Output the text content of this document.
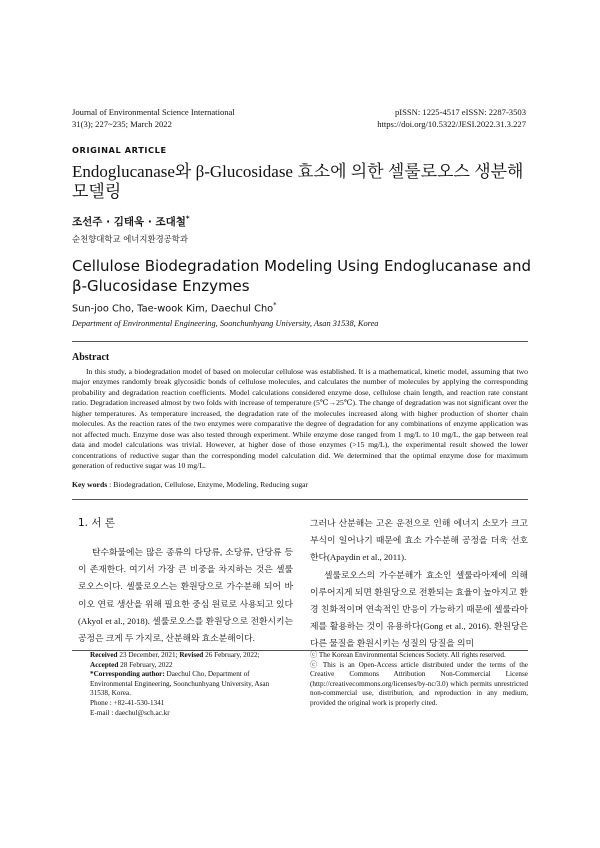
Journal of Environmental Science International
31(3); 227~235; March 2022
pISSN: 1225-4517 eISSN: 2287-3503
https://doi.org/10.5322/JESI.2022.31.3.227
ORIGINAL ARTICLE
Endoglucanase와 β-Glucosidase 효소에 의한 셀룰로오스 생분해 모델링
조선주 · 김태욱 · 조대철*
순천향대학교 에너지환경공학과
Cellulose Biodegradation Modeling Using Endoglucanase and β-Glucosidase Enzymes
Sun-joo Cho, Tae-wook Kim, Daechul Cho*
Department of Environmental Engineering, Soonchunhyang University, Asan 31538, Korea
Abstract
In this study, a biodegradation model of based on molecular cellulose was established. It is a mathematical, kinetic model, assuming that two major enzymes randomly break glycosidic bonds of cellulose molecules, and calculates the number of molecules by applying the corresponding probability and degradation reaction coefficients. Model calculations considered enzyme dose, cellulose chain length, and reaction rate constant ratio. Degradation increased almost by two folds with increase of temperature (5℃→25℃). The change of degradation was not significant over the higher temperatures. As temperature increased, the degradation rate of the molecules increased along with higher production of shorter chain molecules. As the reaction rates of the two enzymes were comparative the degree of degradation for any combinations of enzyme application was not affected much. Enzyme dose was also tested through experiment. While enzyme dose ranged from 1 mg/L to 10 mg/L, the gap between real data and model calculations was trivial. However, at higher dose of those enzymes (>15 mg/L), the experimental result showed the lower concentrations of reductive sugar than the corresponding model calculation did. We determined that the optimal enzyme dose for maximum generation of reductive sugar was 10 mg/L.
Key words : Biodegradation, Cellulose, Enzyme, Modeling, Reducing sugar
1. 서 론

탄수화물에는 많은 종류의 다당류, 소당류, 단당류 등이 존재한다. 여기서 가장 큰 비중을 차지하는 것은 셀룰로오스이다. 셀룰로오스는 환원당으로 가수분해 되어 바이오 연료 생산을 위해 필요한 중심 원료로 사용되고 있다(Akyol et al., 2018). 셀룰로오스를 환원당으로 전환시키는 공정은 크게 두 가지로, 산분해와 효소분해이다.

그러나 산분해는 고온 운전으로 인해 에너지 소모가 크고 부식이 일어나기 때문에 효소 가수분해 공정을 더욱 선호한다(Apaydin et al., 2011).

셀룰로오스의 가수분해가 효소인 셀룰라아제에 의해 이루어지게 되면 환원당으로 전환되는 효율이 높아지고 환경 친화적이며 연속적인 반응이 가능하기 때문에 셀룰라아제를 활용하는 것이 유용하다(Gong et al., 2016). 환원당은 다른 물질을 환원시키는 성질의 당질을 의미

Received 23 December, 2021; Revised 26 February, 2022;
Accepted 28 February, 2022
*Corresponding author: Daechul Cho, Department of Environmental Engineering, Soonchunhyang University, Asan 31538, Korea.
Phone : +82-41-530-1341
E-mail : daechul@sch.ac.kr
ⓒ The Korean Environmental Sciences Society. All rights reserved.
ⓒ This is an Open-Access article distributed under the terms of the Creative Commons Attribution Non-Commercial License (http://creativecommons.org/licenses/by-nc/3.0) which permits unrestricted non-commercial use, distribution, and reproduction in any medium, provided the original work is properly cited.
